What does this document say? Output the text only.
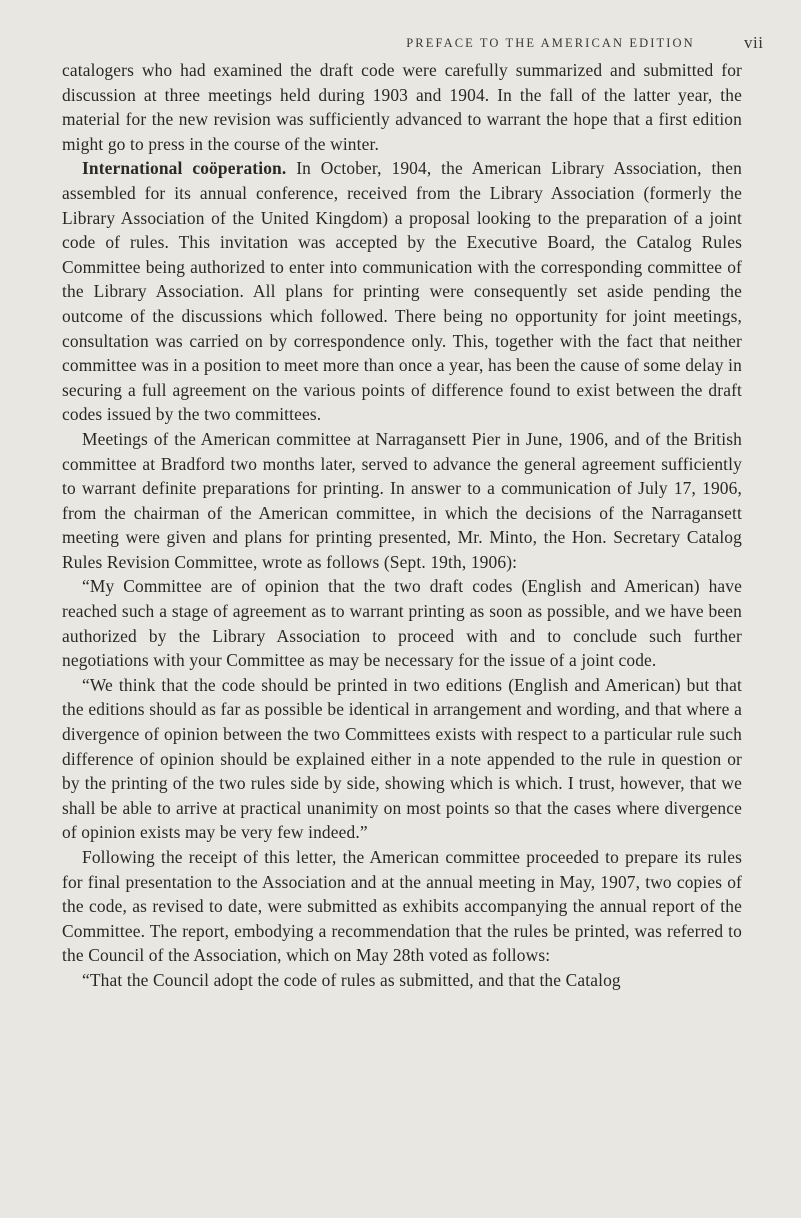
PREFACE TO THE AMERICAN EDITION	vii

catalogers who had examined the draft code were carefully summarized and submitted for discussion at three meetings held during 1903 and 1904. In the fall of the latter year, the material for the new revision was sufficiently advanced to warrant the hope that a first edition might go to press in the course of the winter.

International coöperation. In October, 1904, the American Library Association, then assembled for its annual conference, received from the Library Association (formerly the Library Association of the United Kingdom) a proposal looking to the preparation of a joint code of rules. This invitation was accepted by the Executive Board, the Catalog Rules Committee being authorized to enter into communication with the corresponding committee of the Library Association. All plans for printing were consequently set aside pending the outcome of the discussions which followed. There being no opportunity for joint meetings, consultation was carried on by correspondence only. This, together with the fact that neither committee was in a position to meet more than once a year, has been the cause of some delay in securing a full agreement on the various points of difference found to exist between the draft codes issued by the two committees.

Meetings of the American committee at Narragansett Pier in June, 1906, and of the British committee at Bradford two months later, served to advance the general agreement sufficiently to warrant definite preparations for printing. In answer to a communication of July 17, 1906, from the chairman of the American committee, in which the decisions of the Narragansett meeting were given and plans for printing presented, Mr. Minto, the Hon. Secretary Catalog Rules Revision Committee, wrote as follows (Sept. 19th, 1906):

“My Committee are of opinion that the two draft codes (English and American) have reached such a stage of agreement as to warrant printing as soon as possible, and we have been authorized by the Library Association to proceed with and to conclude such further negotiations with your Committee as may be necessary for the issue of a joint code.

“We think that the code should be printed in two editions (English and American) but that the editions should as far as possible be identical in arrangement and wording, and that where a divergence of opinion between the two Committees exists with respect to a particular rule such difference of opinion should be explained either in a note appended to the rule in question or by the printing of the two rules side by side, showing which is which. I trust, however, that we shall be able to arrive at practical unanimity on most points so that the cases where divergence of opinion exists may be very few indeed.”

Following the receipt of this letter, the American committee proceeded to prepare its rules for final presentation to the Association and at the annual meeting in May, 1907, two copies of the code, as revised to date, were submitted as exhibits accompanying the annual report of the Committee. The report, embodying a recommendation that the rules be printed, was referred to the Council of the Association, which on May 28th voted as follows:

“That the Council adopt the code of rules as submitted, and that the Catalog
